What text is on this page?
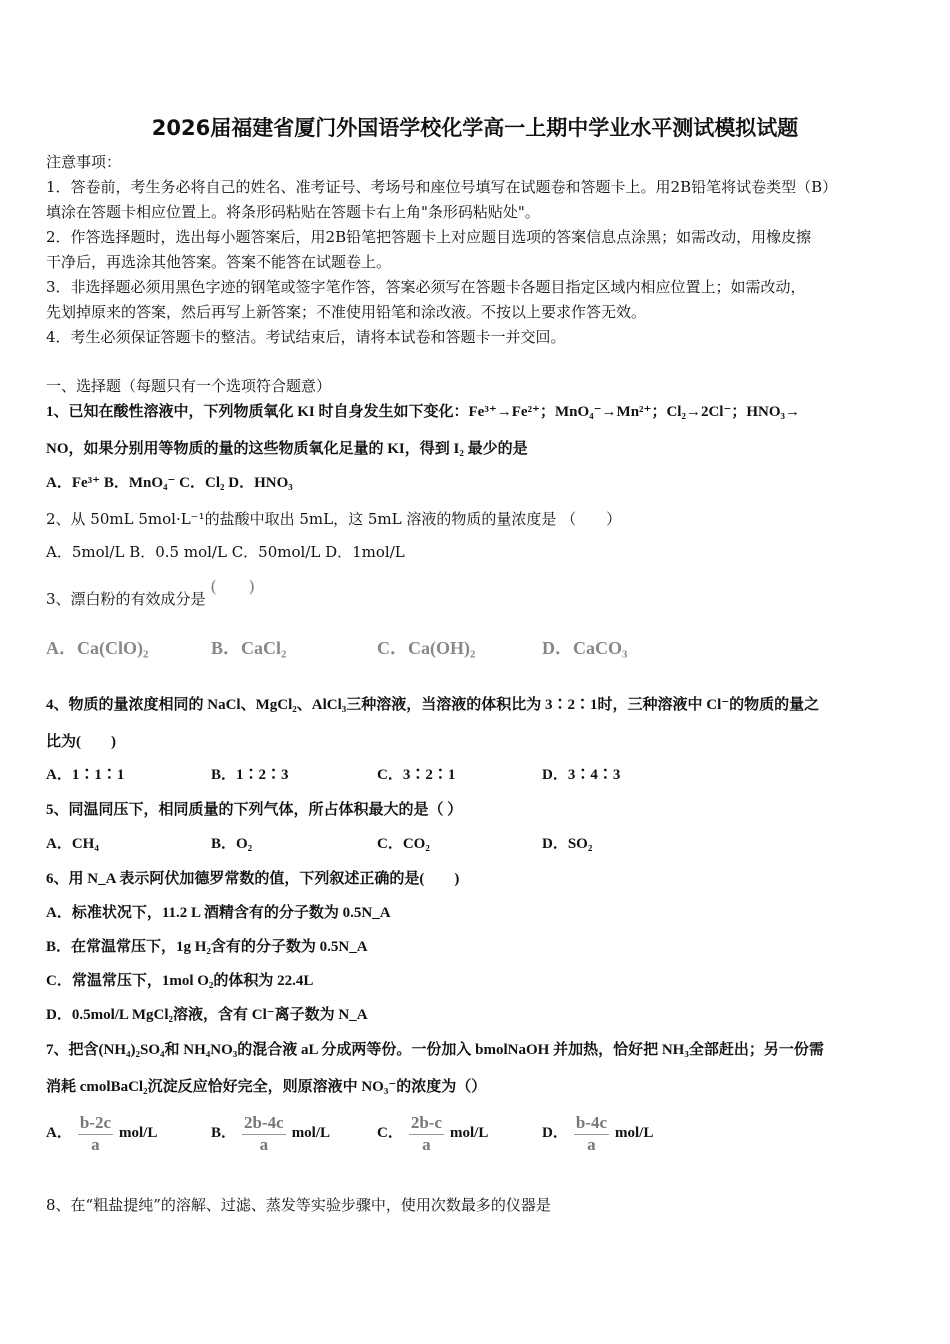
2026届福建省厦门外国语学校化学高一上期中学业水平测试模拟试题
注意事项：
1．答卷前，考生务必将自己的姓名、准考证号、考场号和座位号填写在试题卷和答题卡上。用2B铅笔将试卷类型（B）
填涂在答题卡相应位置上。将条形码粘贴在答题卡右上角"条形码粘贴处"。
2．作答选择题时，选出每小题答案后，用2B铅笔把答题卡上对应题目选项的答案信息点涂黑；如需改动，用橡皮擦
干净后，再选涂其他答案。答案不能答在试题卷上。
3．非选择题必须用黑色字迹的钢笔或签字笔作答，答案必须写在答题卡各题目指定区域内相应位置上；如需改动，
先划掉原来的答案，然后再写上新答案；不准使用铅笔和涂改液。不按以上要求作答无效。
4．考生必须保证答题卡的整洁。考试结束后，请将本试卷和答题卡一并交回。
一、选择题（每题只有一个选项符合题意）
1、已知在酸性溶液中，下列物质氧化 KI 时自身发生如下变化：Fe³⁺→Fe²⁺；MnO₄⁻→Mn²⁺；Cl₂→2Cl⁻；HNO₃→
NO，如果分别用等物质的量的这些物质氧化足量的 KI，得到 I₂ 最少的是
A．Fe³⁺ B．MnO₄⁻ C．Cl₂ D．HNO₃
2、从 50mL 5mol·L⁻¹的盐酸中取出 5mL，这 5mL 溶液的物质的量浓度是 （　　）
A．5mol/L B．0.5 mol/L C．50mol/L D．1mol/L
3、漂白粉的有效成分是 (　　)
A．Ca(ClO)₂	B．CaCl₂	C．Ca(OH)₂	D．CaCO₃
4、物质的量浓度相同的 NaCl、MgCl₂、AlCl₃三种溶液，当溶液的体积比为 3∶2∶1时，三种溶液中 Cl⁻的物质的量之
比为(　　)
A．1∶1∶1	B．1∶2∶3	C．3∶2∶1	D．3∶4∶3
5、同温同压下，相同质量的下列气体，所占体积最大的是（ ）
A．CH₄	B．O₂	C．CO₂	D．SO₂
6、用 N_A 表示阿伏加德罗常数的值，下列叙述正确的是(　　)
A．标准状况下，11.2 L 酒精含有的分子数为 0.5N_A
B．在常温常压下，1g H₂含有的分子数为 0.5N_A
C．常温常压下，1mol O₂的体积为 22.4L
D．0.5mol/L MgCl₂溶液，含有 Cl⁻离子数为 N_A
7、把含(NH₄)₂SO₄和 NH₄NO₃的混合液 aL 分成两等份。一份加入 bmolNaOH 并加热，恰好把 NH₃全部赶出；另一份需
消耗 cmolBaCl₂沉淀反应恰好完全，则原溶液中 NO₃⁻的浓度为（）
A． $\frac{b-2c}{a} mol/L$	B． $\frac{2b-4c}{a} mol/L$	C． $\frac{2b-c}{a} mol/L$	D． $\frac{b-4c}{a} mol/L$
8、在“粗盐提纯”的溶解、过滤、蒸发等实验步骤中，使用次数最多的仪器是
